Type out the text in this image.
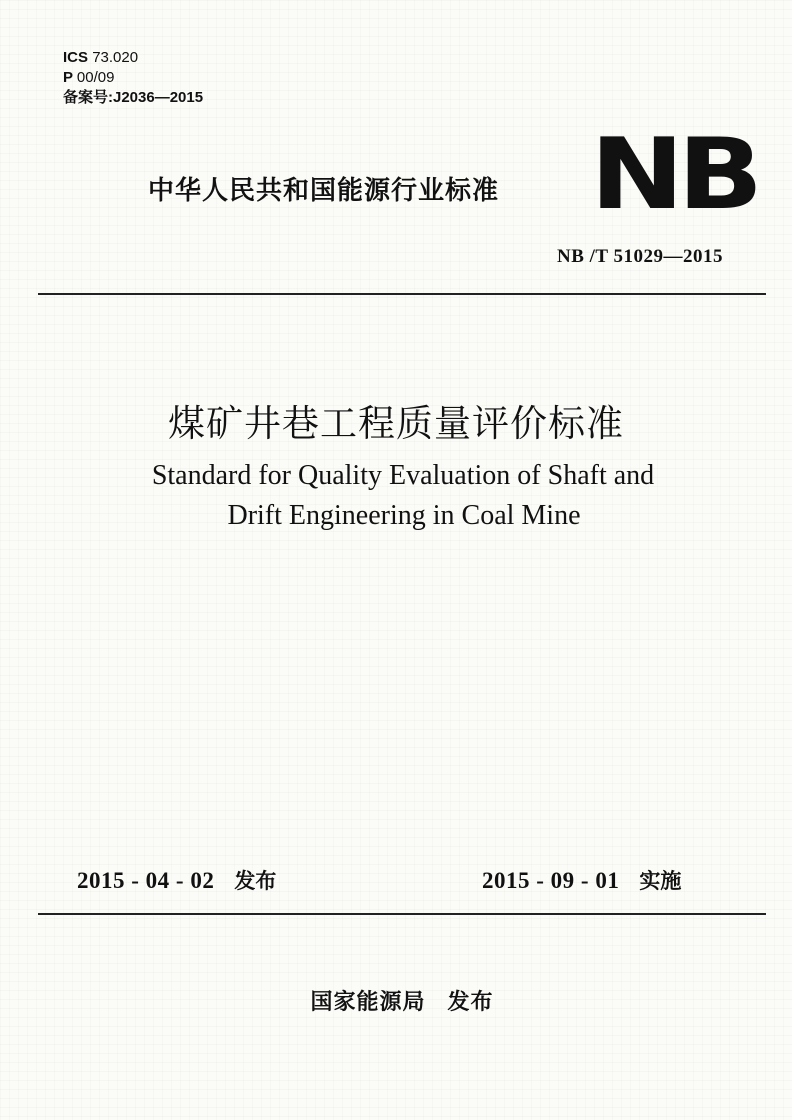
ICS 73.020
P 00/09
备案号:J2036—2015
中华人民共和国能源行业标准 NB
NB /T 51029—2015
煤矿井巷工程质量评价标准
Standard for Quality Evaluation of Shaft and
Drift Engineering in Coal Mine
2015 - 04 - 02 发布	2015 - 09 - 01 实施
国家能源局 发布
